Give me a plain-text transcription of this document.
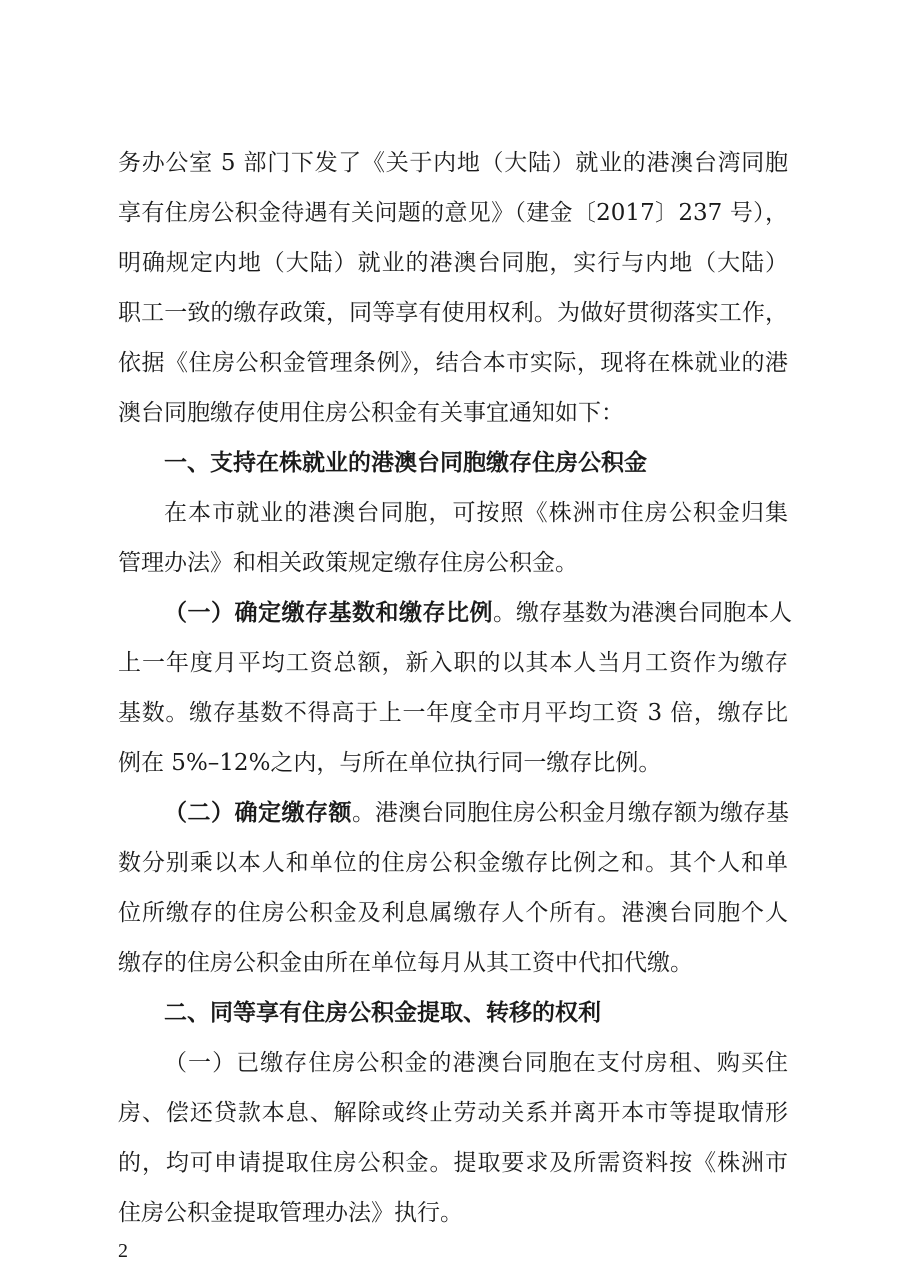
务办公室 5 部门下发了《关于内地（大陆）就业的港澳台湾同胞
享有住房公积金待遇有关问题的意见》（建金〔2017〕237 号），
明确规定内地（大陆）就业的港澳台同胞，实行与内地（大陆）
职工一致的缴存政策，同等享有使用权利。为做好贯彻落实工作，
依据《住房公积金管理条例》，结合本市实际，现将在株就业的港
澳台同胞缴存使用住房公积金有关事宜通知如下：
一、支持在株就业的港澳台同胞缴存住房公积金
在本市就业的港澳台同胞，可按照《株洲市住房公积金归集
管理办法》和相关政策规定缴存住房公积金。
（一）确定缴存基数和缴存比例。缴存基数为港澳台同胞本人
上一年度月平均工资总额，新入职的以其本人当月工资作为缴存
基数。缴存基数不得高于上一年度全市月平均工资 3 倍，缴存比
例在 5%–12%之内，与所在单位执行同一缴存比例。
（二）确定缴存额。港澳台同胞住房公积金月缴存额为缴存基
数分别乘以本人和单位的住房公积金缴存比例之和。其个人和单
位所缴存的住房公积金及利息属缴存人个所有。港澳台同胞个人
缴存的住房公积金由所在单位每月从其工资中代扣代缴。
二、同等享有住房公积金提取、转移的权利
（一）已缴存住房公积金的港澳台同胞在支付房租、购买住
房、偿还贷款本息、解除或终止劳动关系并离开本市等提取情形
的，均可申请提取住房公积金。提取要求及所需资料按《株洲市
住房公积金提取管理办法》执行。
2
